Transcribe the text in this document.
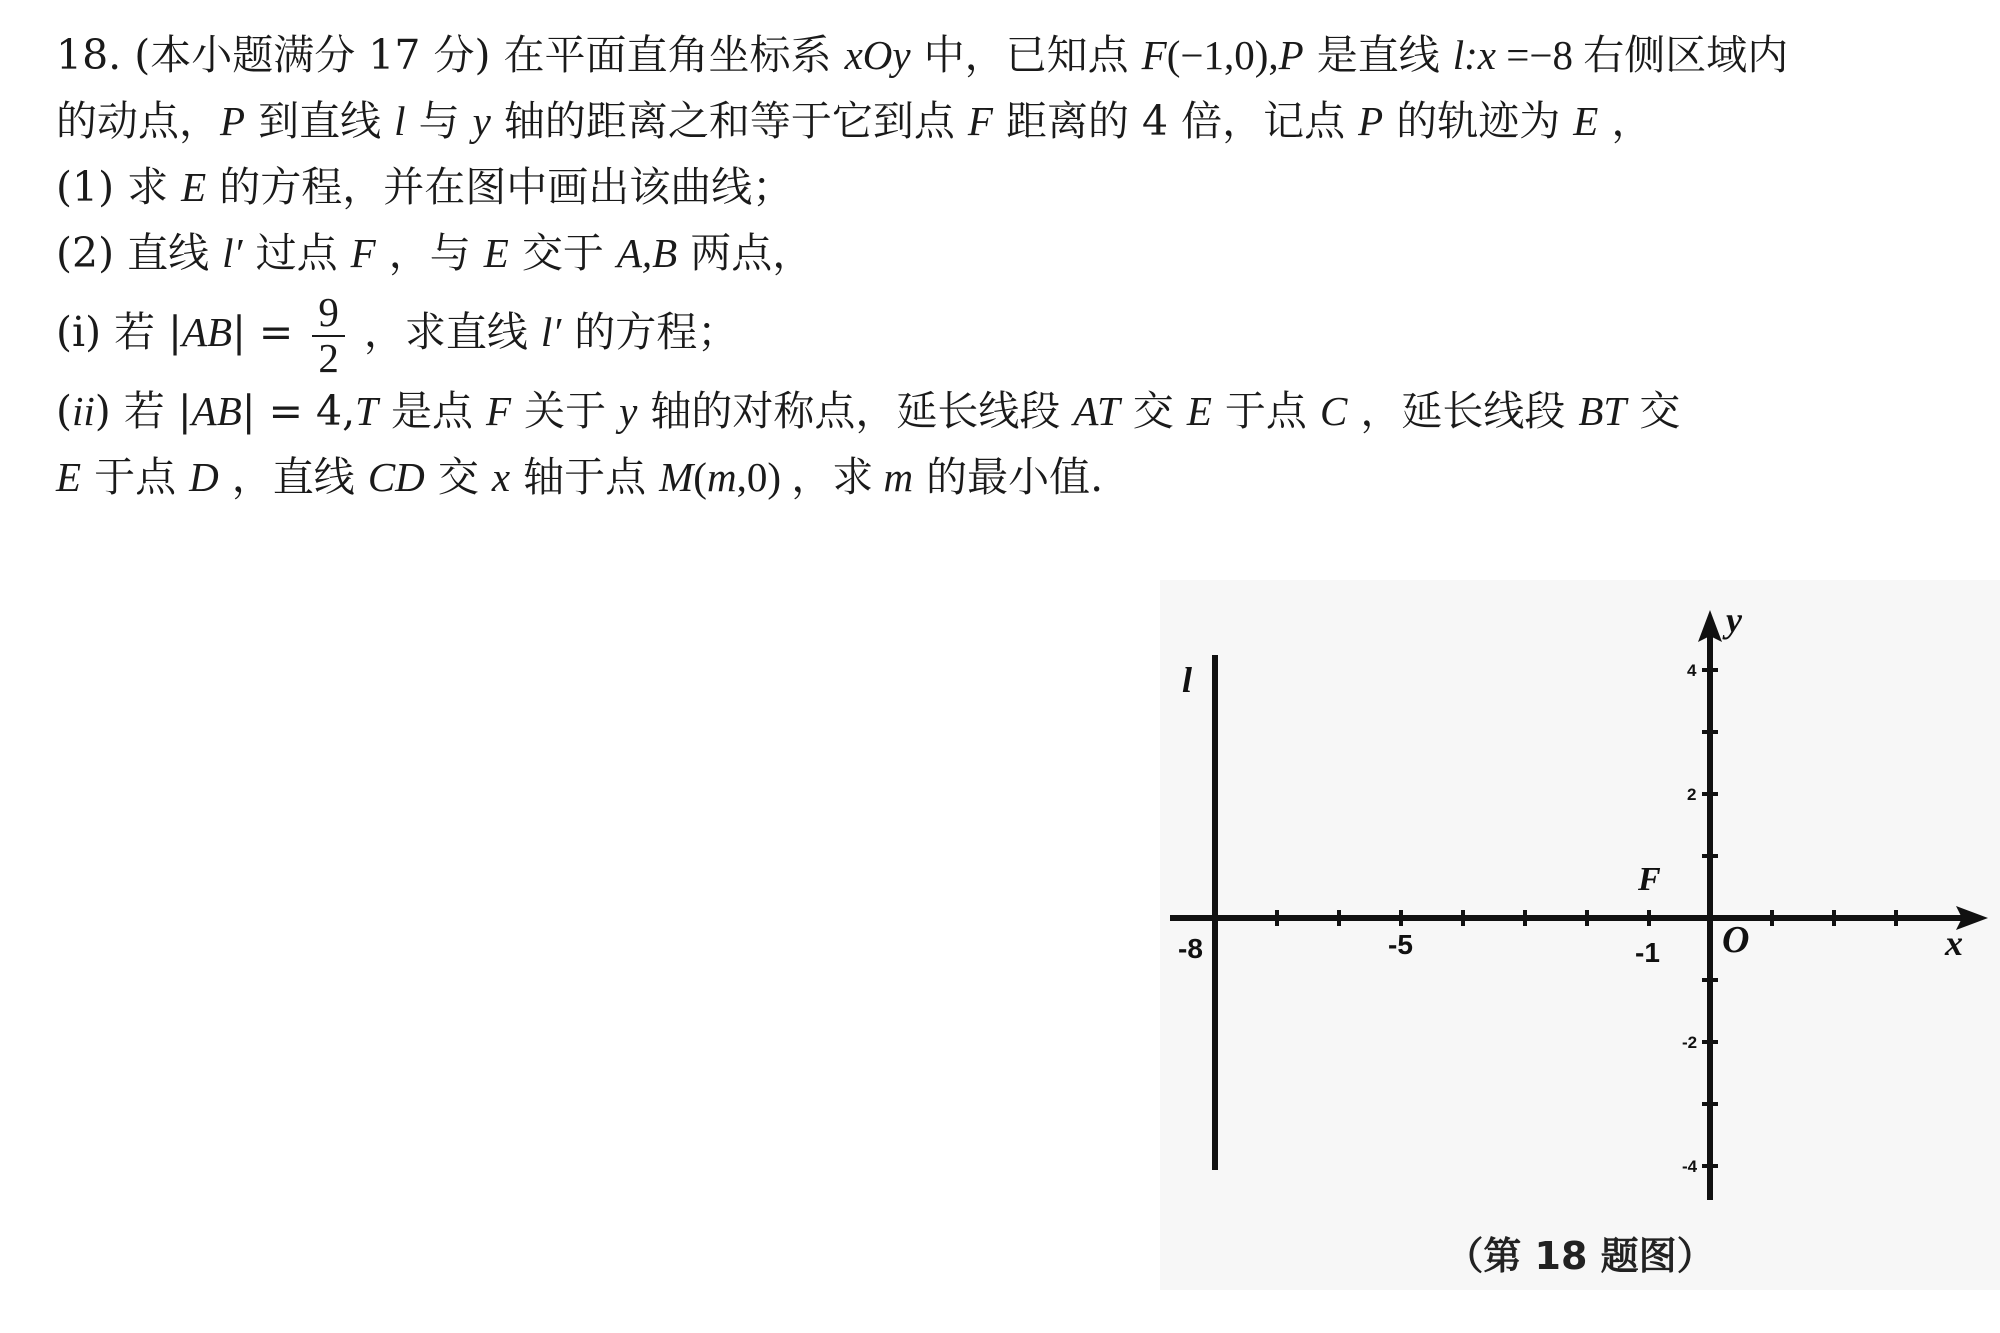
18. (本小题满分 17 分) 在平面直角坐标系 xOy 中，已知点 F(−1,0),P 是直线 l:x =−8 右侧区域内
的动点，P 到直线 l 与 y 轴的距离之和等于它到点 F 距离的 4 倍，记点 P 的轨迹为 E ，
(1) 求 E 的方程，并在图中画出该曲线；
(2) 直线 l′ 过点 F ，与 E 交于 A,B 两点，
(i) 若 $|AB| = \frac{9}{2}$ ，求直线 l′ 的方程；
(ii) 若 |AB| = 4,T 是点 F 关于 y 轴的对称点，延长线段 AT 交 E 于点 C ，延长线段 BT 交
E 于点 D ，直线 CD 交 x 轴于点 M(m,0) ，求 m 的最小值.
l
y
x
O
F
-8	-5	-1
4
2
-2
-4
（第 18 题图）
